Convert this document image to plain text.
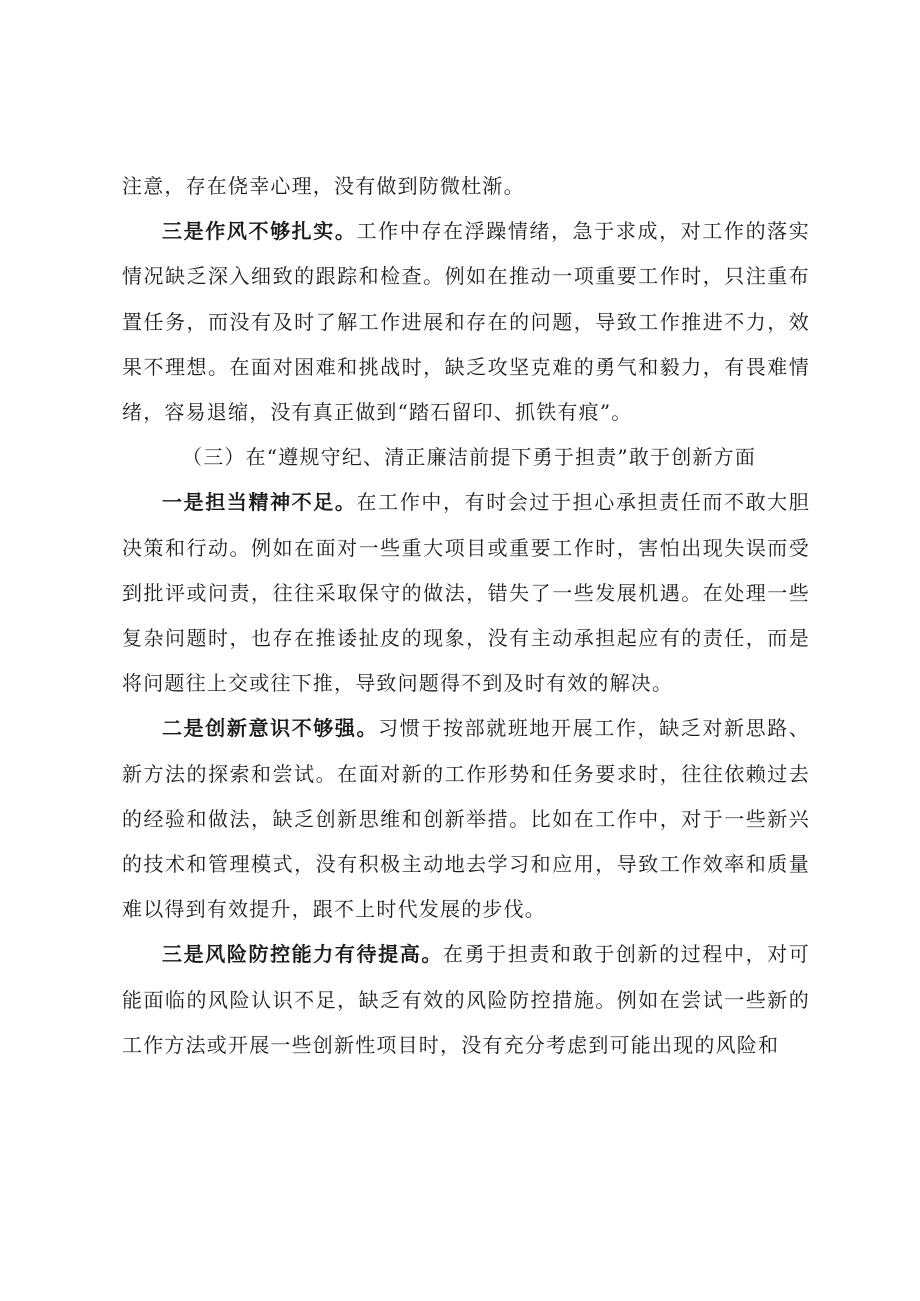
注意，存在侥幸心理，没有做到防微杜渐。

三是作风不够扎实。工作中存在浮躁情绪，急于求成，对工作的落实情况缺乏深入细致的跟踪和检查。例如在推动一项重要工作时，只注重布置任务，而没有及时了解工作进展和存在的问题，导致工作推进不力，效果不理想。在面对困难和挑战时，缺乏攻坚克难的勇气和毅力，有畏难情绪，容易退缩，没有真正做到“踏石留印、抓铁有痕”。

（三）在“遵规守纪、清正廉洁前提下勇于担责”敢于创新方面

一是担当精神不足。在工作中，有时会过于担心承担责任而不敢大胆决策和行动。例如在面对一些重大项目或重要工作时，害怕出现失误而受到批评或问责，往往采取保守的做法，错失了一些发展机遇。在处理一些复杂问题时，也存在推诿扯皮的现象，没有主动承担起应有的责任，而是将问题往上交或往下推，导致问题得不到及时有效的解决。

二是创新意识不够强。习惯于按部就班地开展工作，缺乏对新思路、新方法的探索和尝试。在面对新的工作形势和任务要求时，往往依赖过去的经验和做法，缺乏创新思维和创新举措。比如在工作中，对于一些新兴的技术和管理模式，没有积极主动地去学习和应用，导致工作效率和质量难以得到有效提升，跟不上时代发展的步伐。

三是风险防控能力有待提高。在勇于担责和敢于创新的过程中，对可能面临的风险认识不足，缺乏有效的风险防控措施。例如在尝试一些新的工作方法或开展一些创新性项目时，没有充分考虑到可能出现的风险和
